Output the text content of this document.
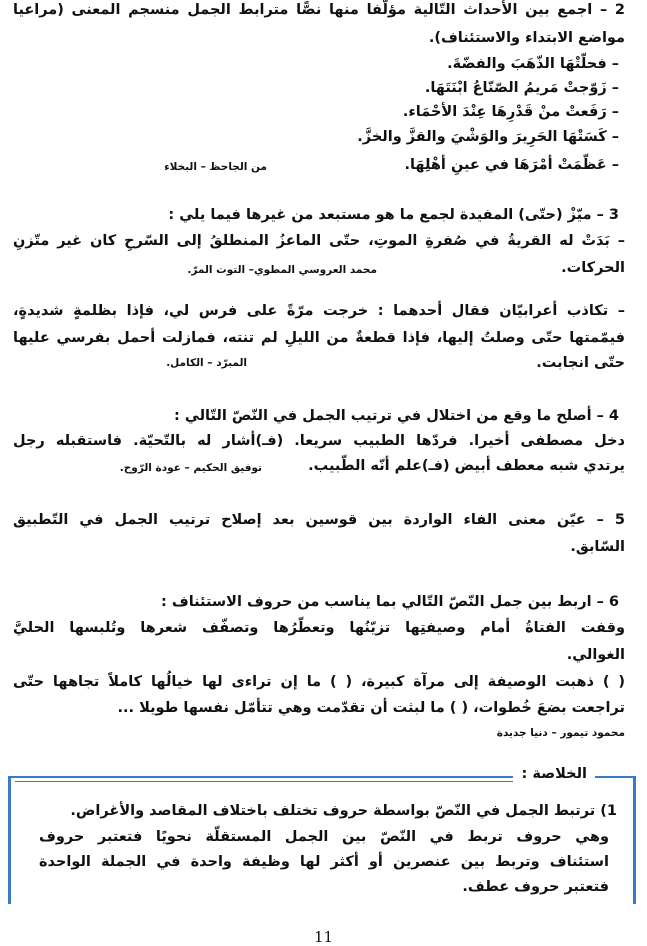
2 – اجمع بين الأحداث التّالية مؤلّفا منها نصًّا مترابط الجمل منسجم المعنى (مراعيا
مواضع الابتداء والاستئناف).
– فحلّتْهَا الذّهَبَ والفضّةَ.
– زَوّجتْ مَريمُ الصّنّاعُ ابْنَتَهَا.
– رَفَعتْ منْ قَدْرِهَا عِنْدَ الأحْمَاء.
– كَسَتْهَا الحَرِيرَ والوَشْيَ والقزَّ والخزَّ.
– عَظّمَتْ أمْرَهَا في عينِ أهْلِهَا.
من الجاحظ – البخلاء
3 – ميّزْ (حتّى) المفيدة لجمع ما هو مستبعد من غيرها فيما يلي :
– بَدَتْ له القريةُ في صُفرةِ الموتِ، حتّى الماعزُ المنطلقُ إلى السّرحِ كان غير متّزنِ
الحركات.
محمد العروسي المطوي– التوت المرّ.
– تكاذب أعرابيّان فقال أحدهما : خرجت مرّةً على فرس لي، فإذا بظلمةٍ شديدةٍ،
فيمّمتها حتّى وصلتُ إليها، فإذا قطعةٌ من الليلِ لم تنته، فمازلت أحمل بفرسي عليها
حتّى انجابت.
المبرّد – الكامل.
4 – أصلح ما وقع من اختلال في ترتيب الجمل في النّصّ التّالي :
دخل مصطفى أخيرا. فردّها الطبيب سريعا. (فـ)أشار له بالتّحيّة. فاستقبله رجل
يرتدي شبه معطف أبيض (فـ)علم أنّه الطّبيب.
توفيق الحكيم – عودة الرّوح.
5 – عيّن معنى الفاء الواردة بين قوسين بعد إصلاح ترتيب الجمل في التّطبيق
السّابق.
6 – اربط بين جمل النّصّ التّالي بما يناسب من حروف الاستئناف :
وقفت الفتاةُ أمام وصيفتِها تزيّنُها وتعطّرُها وتصفّف شعرها وتُلبسها الحليَّ
الغوالي.
( ) ذهبت الوصيفة إلى مرآة كبيرة، ( ) ما إن تراءى لها خيالُها كاملاً تجاهها حتّى
تراجعت بضعَ خُطوات، ( ) ما لبثت أن تقدّمت وهي تتأمّل نفسها طويلا ...
محمود تيمور – دنيا جديدة
الخلاصة :
1) ترتبط الجمل في النّصّ بواسطة حروف تختلف باختلاف المقاصد والأغراض.
وهي حروف تربط في النّصّ بين الجمل المستقلّة نحويًا فتعتبر حروف
استئناف وتربط بين عنصرين أو أكثر لها وظيفة واحدة في الجملة الواحدة
فتعتبر حروف عطف.
11
